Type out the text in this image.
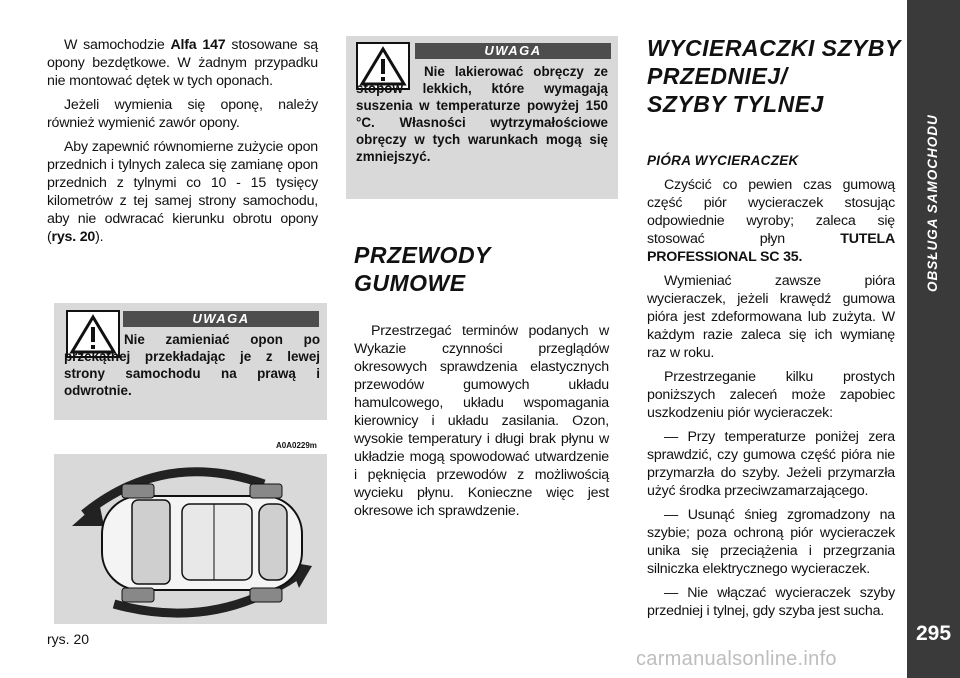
OBSŁUGA SAMOCHODU
295

W samochodzie Alfa 147 stosowane są opony bezdętkowe. W żadnym przypadku nie montować dętek w tych oponach.

Jeżeli wymienia się oponę, należy również wymienić zawór opony.

Aby zapewnić równomierne zużycie opon przednich i tylnych zaleca się zamianę opon przednich z tylnymi co 10 - 15 tysięcy kilometrów z tej samej strony samochodu, aby nie odwracać kierunku obrotu opony (rys. 20).

UWAGA
Nie zamieniać opon po przekątnej przekładając je z lewej strony samochodu na prawą i odwrotnie.
A0A0229m
rys. 20
UWAGA
Nie lakierować obręczy ze stopów lekkich, które wymagają suszenia w temperaturze powyżej 150 °C. Własności wytrzymałościowe obręczy w tych warunkach mogą się zmniejszyć.
PRZEWODY
GUMOWE

Przestrzegać terminów podanych w Wykazie czynności przeglądów okresowych sprawdzenia elastycznych przewodów gumowych układu hamulcowego, układu wspomagania kierownicy i układu zasilania. Ozon, wysokie temperatury i długi brak płynu w układzie mogą spowodować utwardzenie i pęknięcia przewodów z możliwością wycieku płynu. Konieczne więc jest okresowe ich sprawdzenie.

WYCIERACZKI SZYBY
PRZEDNIEJ/
SZYBY TYLNEJ
PIÓRA WYCIERACZEK

Czyścić co pewien czas gumową część piór wycieraczek stosując odpowiednie wyroby; zaleca się stosować płyn TUTELA PROFESSIONAL SC 35.

Wymieniać zawsze pióra wycieraczek, jeżeli krawędź gumowa pióra jest zdeformowana lub zużyta. W każdym razie zaleca się ich wymianę raz w roku.

Przestrzeganie kilku prostych poniższych zaleceń może zapobiec uszkodzeniu piór wycieraczek:

— Przy temperaturze poniżej zera sprawdzić, czy gumowa część pióra nie przymarzła do szyby. Jeżeli przymarzła użyć środka przeciwzamarzającego.

— Usunąć śnieg zgromadzony na szybie; poza ochroną piór wycieraczek unika się przeciążenia i przegrzania silniczka elektrycznego wycieraczek.

— Nie włączać wycieraczek szyby przedniej i tylnej, gdy szyba jest sucha.

carmanualsonline.info
